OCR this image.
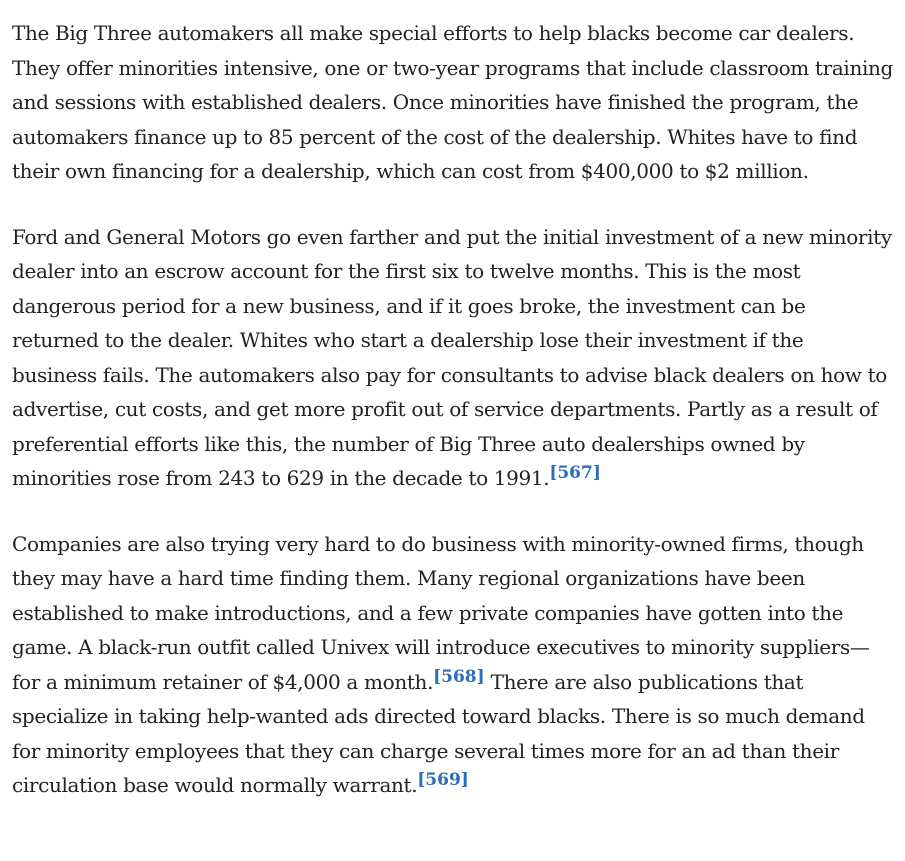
The Big Three automakers all make special efforts to help blacks become car dealers. They offer minorities intensive, one or two-year programs that include classroom training and sessions with established dealers. Once minorities have finished the program, the automakers finance up to 85 percent of the cost of the dealership. Whites have to find their own financing for a dealership, which can cost from $400,000 to $2 million.

Ford and General Motors go even farther and put the initial investment of a new minority dealer into an escrow account for the first six to twelve months. This is the most dangerous period for a new business, and if it goes broke, the investment can be returned to the dealer. Whites who start a dealership lose their investment if the business fails. The automakers also pay for consultants to advise black dealers on how to advertise, cut costs, and get more profit out of service departments. Partly as a result of preferential efforts like this, the number of Big Three auto dealerships owned by minorities rose from 243 to 629 in the decade to 1991.[567]

Companies are also trying very hard to do business with minority-owned firms, though they may have a hard time finding them. Many regional organizations have been established to make introductions, and a few private companies have gotten into the game. A black-run outfit called Univex will introduce executives to minority suppliers—for a minimum retainer of $4,000 a month.[568] There are also publications that specialize in taking help-wanted ads directed toward blacks. There is so much demand for minority employees that they can charge several times more for an ad than their circulation base would normally warrant.[569]
